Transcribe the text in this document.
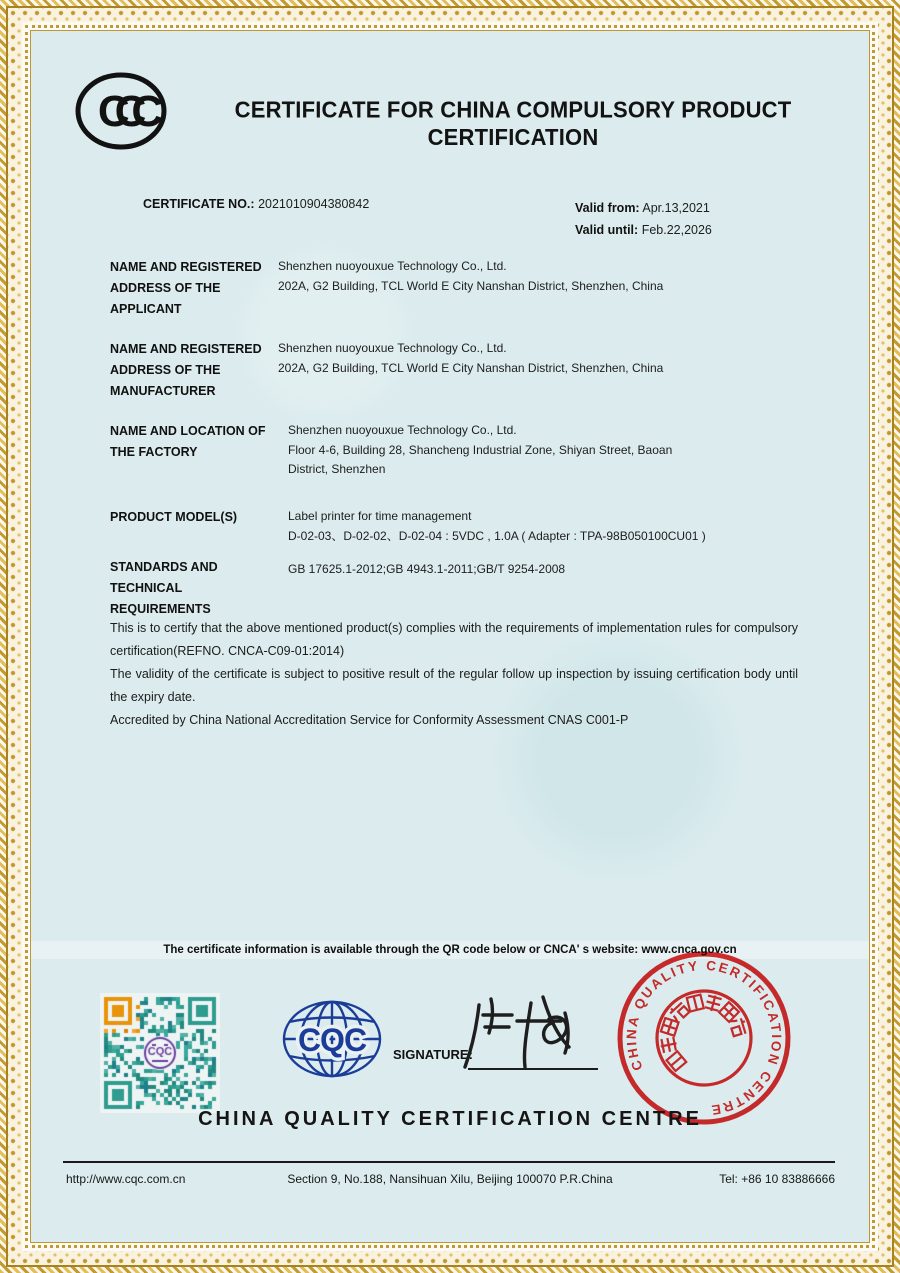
CCC	CERTIFICATE FOR CHINA COMPULSORY PRODUCT CERTIFICATION
CERTIFICATE NO.: 2021010904380842	Valid from: Apr.13,2021
Valid until: Feb.22,2026
NAME AND REGISTERED ADDRESS OF THE APPLICANT
Shenzhen nuoyouxue Technology Co., Ltd.
202A, G2 Building, TCL World E City Nanshan District, Shenzhen, China
NAME AND REGISTERED ADDRESS OF THE MANUFACTURER
Shenzhen nuoyouxue Technology Co., Ltd.
202A, G2 Building, TCL World E City Nanshan District, Shenzhen, China
NAME AND LOCATION OF THE FACTORY
Shenzhen nuoyouxue Technology Co., Ltd.
Floor 4-6, Building 28, Shancheng Industrial Zone, Shiyan Street, Baoan
District, Shenzhen
PRODUCT MODEL(S)	Label printer for time management
D-02-03、D-02-02、D-02-04 : 5VDC , 1.0A ( Adapter : TPA-98B050100CU01 )
STANDARDS AND TECHNICAL REQUIREMENTS
GB 17625.1-2012;GB 4943.1-2011;GB/T 9254-2008

This is to certify that the above mentioned product(s) complies with the requirements of implementation rules for compulsory certification(REFNO. CNCA-C09-01:2014)

The validity of the certificate is subject to positive result of the regular follow up inspection by issuing certification body until the expiry date.

Accredited by China National Accreditation Service for Conformity Assessment CNAS C001-P

The certificate information is available through the QR code below or CNCA' s website: www.cnca.gov.cn
CQC SIGNATURE:
CHINA QUALITY CERTIFICATION CENTRE
CHINA QUALITY CERTIFICATION CENTRE
http://www.cqc.com.cn	Section 9, No.188, Nansihuan Xilu, Beijing 100070 P.R.China	Tel: +86 10 83886666
